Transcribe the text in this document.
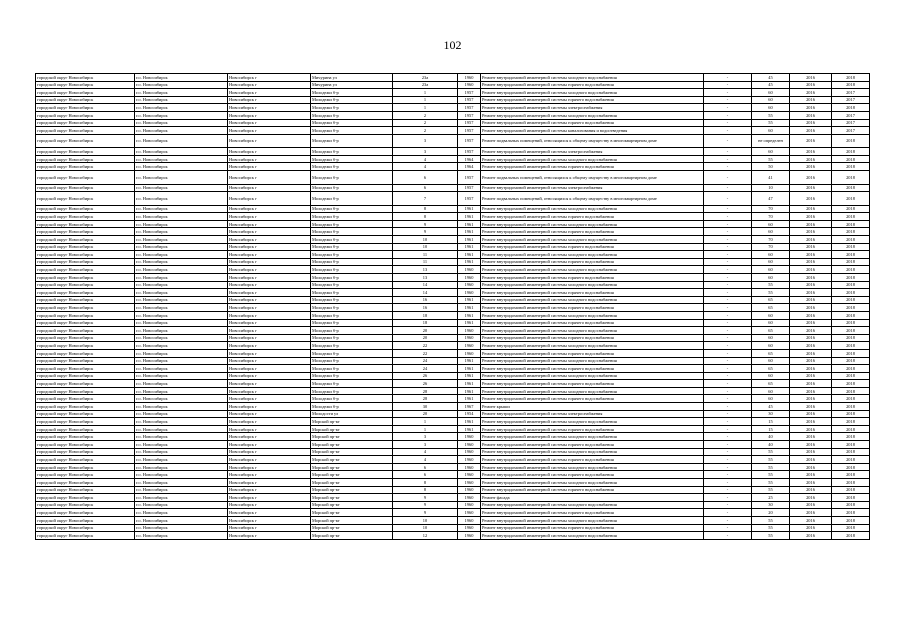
102
городской округ Новосибирск	г.о. Новосибирск	Новосибирск г	Мичурина ул	23а	1960	Ремонт внутридомовой инженерной системы холодного водоснабжения	-	45	2016	2018
городской округ Новосибирск	г.о. Новосибирск	Новосибирск г	Мичурина ул	23а	1960	Ремонт внутридомовой инженерной системы горячего водоснабжения	-	45	2016	2018
городской округ Новосибирск	г.о. Новосибирск	Новосибирск г	Молодежи б-р	1	1957	Ремонт внутридомовой инженерной системы холодного водоснабжения	-	60	2016	2017
городской округ Новосибирск	г.о. Новосибирск	Новосибирск г	Молодежи б-р	1	1957	Ремонт внутридомовой инженерной системы горячего водоснабжения	-	60	2016	2017
городской округ Новосибирск	г.о. Новосибирск	Новосибирск г	Молодежи б-р	1	1957	Ремонт внутридомовой инженерной системы электроснабжения	-	60	2016	2018
городской округ Новосибирск	г.о. Новосибирск	Новосибирск г	Молодежи б-р	2	1957	Ремонт внутридомовой инженерной системы холодного водоснабжения	-	55	2016	2017
городской округ Новосибирск	г.о. Новосибирск	Новосибирск г	Молодежи б-р	2	1957	Ремонт внутридомовой инженерной системы горячего водоснабжения	-	55	2016	2017
городской округ Новосибирск	г.о. Новосибирск	Новосибирск г	Молодежи б-р	2	1957	Ремонт внутридомовой инженерной системы канализования и водоотведения	-	60	2016	2017
городской округ Новосибирск	г.о. Новосибирск	Новосибирск г	Молодежи б-р	3	1957	Ремонт подвальных помещений, относящихся к общему имуществу в многоквартирном доме	-	не определен	2016	2018
городской округ Новосибирск	г.о. Новосибирск	Новосибирск г	Молодежи б-р	3	1957	Ремонт внутридомовой инженерной системы электроснабжения	-	60	2016	2018
городской округ Новосибирск	г.о. Новосибирск	Новосибирск г	Молодежи б-р	4	1964	Ремонт внутридомовой инженерной системы холодного водоснабжения	-	55	2016	2018
городской округ Новосибирск	г.о. Новосибирск	Новосибирск г	Молодежи б-р	4	1964	Ремонт внутридомовой инженерной системы горячего водоснабжения	-	50	2016	2018
городской округ Новосибирск	г.о. Новосибирск	Новосибирск г	Молодежи б-р	6	1957	Ремонт подвальных помещений, относящихся к общему имуществу в многоквартирном доме	-	41	2016	2018
городской округ Новосибирск	г.о. Новосибирск	Новосибирск г	Молодежи б-р	6	1957	Ремонт внутридомовой инженерной системы электроснабжения	-	10	2016	2018
городской округ Новосибирск	г.о. Новосибирск	Новосибирск г	Молодежи б-р	7	1957	Ремонт подвальных помещений, относящихся к общему имуществу в многоквартирном доме	-	47	2016	2018
городской округ Новосибирск	г.о. Новосибирск	Новосибирск г	Молодежи б-р	8	1961	Ремонт внутридомовой инженерной системы холодного водоснабжения	-	70	2016	2018
городской округ Новосибирск	г.о. Новосибирск	Новосибирск г	Молодежи б-р	8	1961	Ремонт внутридомовой инженерной системы горячего водоснабжения	-	70	2016	2018
городской округ Новосибирск	г.о. Новосибирск	Новосибирск г	Молодежи б-р	9	1961	Ремонт внутридомовой инженерной системы холодного водоснабжения	-	60	2016	2018
городской округ Новосибирск	г.о. Новосибирск	Новосибирск г	Молодежи б-р	9	1961	Ремонт внутридомовой инженерной системы горячего водоснабжения	-	60	2016	2018
городской округ Новосибирск	г.о. Новосибирск	Новосибирск г	Молодежи б-р	10	1961	Ремонт внутридомовой инженерной системы холодного водоснабжения	-	70	2016	2018
городской округ Новосибирск	г.о. Новосибирск	Новосибирск г	Молодежи б-р	10	1961	Ремонт внутридомовой инженерной системы горячего водоснабжения	-	70	2016	2018
городской округ Новосибирск	г.о. Новосибирск	Новосибирск г	Молодежи б-р	11	1961	Ремонт внутридомовой инженерной системы холодного водоснабжения	-	60	2016	2018
городской округ Новосибирск	г.о. Новосибирск	Новосибирск г	Молодежи б-р	11	1961	Ремонт внутридомовой инженерной системы горячего водоснабжения	-	60	2016	2018
городской округ Новосибирск	г.о. Новосибирск	Новосибирск г	Молодежи б-р	13	1960	Ремонт внутридомовой инженерной системы холодного водоснабжения	-	60	2016	2018
городской округ Новосибирск	г.о. Новосибирск	Новосибирск г	Молодежи б-р	13	1960	Ремонт внутридомовой инженерной системы горячего водоснабжения	-	60	2016	2018
городской округ Новосибирск	г.о. Новосибирск	Новосибирск г	Молодежи б-р	14	1960	Ремонт внутридомовой инженерной системы холодного водоснабжения	-	55	2016	2018
городской округ Новосибирск	г.о. Новосибирск	Новосибирск г	Молодежи б-р	14	1960	Ремонт внутридомовой инженерной системы горячего водоснабжения	-	55	2016	2018
городской округ Новосибирск	г.о. Новосибирск	Новосибирск г	Молодежи б-р	16	1961	Ремонт внутридомовой инженерной системы холодного водоснабжения	-	65	2016	2018
городской округ Новосибирск	г.о. Новосибирск	Новосибирск г	Молодежи б-р	16	1961	Ремонт внутридомовой инженерной системы горячего водоснабжения	-	65	2016	2018
городской округ Новосибирск	г.о. Новосибирск	Новосибирск г	Молодежи б-р	18	1961	Ремонт внутридомовой инженерной системы холодного водоснабжения	-	60	2016	2018
городской округ Новосибирск	г.о. Новосибирск	Новосибирск г	Молодежи б-р	18	1961	Ремонт внутридомовой инженерной системы горячего водоснабжения	-	60	2016	2018
городской округ Новосибирск	г.о. Новосибирск	Новосибирск г	Молодежи б-р	20	1960	Ремонт внутридомовой инженерной системы холодного водоснабжения	-	65	2016	2018
городской округ Новосибирск	г.о. Новосибирск	Новосибирск г	Молодежи б-р	20	1960	Ремонт внутридомовой инженерной системы горячего водоснабжения	-	60	2016	2018
городской округ Новосибирск	г.о. Новосибирск	Новосибирск г	Молодежи б-р	22	1960	Ремонт внутридомовой инженерной системы холодного водоснабжения	-	60	2016	2018
городской округ Новосибирск	г.о. Новосибирск	Новосибирск г	Молодежи б-р	22	1960	Ремонт внутридомовой инженерной системы горячего водоснабжения	-	65	2016	2018
городской округ Новосибирск	г.о. Новосибирск	Новосибирск г	Молодежи б-р	24	1961	Ремонт внутридомовой инженерной системы холодного водоснабжения	-	60	2016	2018
городской округ Новосибирск	г.о. Новосибирск	Новосибирск г	Молодежи б-р	24	1961	Ремонт внутридомовой инженерной системы горячего водоснабжения	-	65	2016	2018
городской округ Новосибирск	г.о. Новосибирск	Новосибирск г	Молодежи б-р	26	1961	Ремонт внутридомовой инженерной системы холодного водоснабжения	-	60	2016	2018
городской округ Новосибирск	г.о. Новосибирск	Новосибирск г	Молодежи б-р	26	1961	Ремонт внутридомовой инженерной системы горячего водоснабжения	-	65	2016	2018
городской округ Новосибирск	г.о. Новосибирск	Новосибирск г	Молодежи б-р	28	1961	Ремонт внутридомовой инженерной системы холодного водоснабжения	-	60	2016	2018
городской округ Новосибирск	г.о. Новосибирск	Новосибирск г	Молодежи б-р	28	1961	Ремонт внутридомовой инженерной системы горячего водоснабжения	-	60	2016	2018
городской округ Новосибирск	г.о. Новосибирск	Новосибирск г	Молодежи б-р	30	1967	Ремонт крыши	-	45	2016	2018
городской округ Новосибирск	г.о. Новосибирск	Новосибирск г	Молодости ул	20	1954	Ремонт внутридомовой инженерной системы электроснабжения	-	30	2016	2018
городской округ Новосибирск	г.о. Новосибирск	Новосибирск г	Морской пр-кт	1	1961	Ремонт внутридомовой инженерной системы холодного водоснабжения	-	15	2016	2018
городской округ Новосибирск	г.о. Новосибирск	Новосибирск г	Морской пр-кт	1	1961	Ремонт внутридомовой инженерной системы горячего водоснабжения	-	15	2016	2018
городской округ Новосибирск	г.о. Новосибирск	Новосибирск г	Морской пр-кт	3	1960	Ремонт внутридомовой инженерной системы холодного водоснабжения	-	40	2016	2018
городской округ Новосибирск	г.о. Новосибирск	Новосибирск г	Морской пр-кт	3	1960	Ремонт внутридомовой инженерной системы горячего водоснабжения	-	40	2016	2018
городской округ Новосибирск	г.о. Новосибирск	Новосибирск г	Морской пр-кт	4	1960	Ремонт внутридомовой инженерной системы холодного водоснабжения	-	55	2016	2018
городской округ Новосибирск	г.о. Новосибирск	Новосибирск г	Морской пр-кт	4	1960	Ремонт внутридомовой инженерной системы горячего водоснабжения	-	55	2016	2018
городской округ Новосибирск	г.о. Новосибирск	Новосибирск г	Морской пр-кт	6	1960	Ремонт внутридомовой инженерной системы холодного водоснабжения	-	55	2016	2018
городской округ Новосибирск	г.о. Новосибирск	Новосибирск г	Морской пр-кт	6	1960	Ремонт внутридомовой инженерной системы горячего водоснабжения	-	55	2016	2018
городской округ Новосибирск	г.о. Новосибирск	Новосибирск г	Морской пр-кт	8	1960	Ремонт внутридомовой инженерной системы холодного водоснабжения	-	55	2016	2018
городской округ Новосибирск	г.о. Новосибирск	Новосибирск г	Морской пр-кт	8	1960	Ремонт внутридомовой инженерной системы горячего водоснабжения	-	55	2016	2018
городской округ Новосибирск	г.о. Новосибирск	Новосибирск г	Морской пр-кт	9	1960	Ремонт фасада	-	25	2016	2018
городской округ Новосибирск	г.о. Новосибирск	Новосибирск г	Морской пр-кт	9	1960	Ремонт внутридомовой инженерной системы холодного водоснабжения	-	30	2016	2018
городской округ Новосибирск	г.о. Новосибирск	Новосибирск г	Морской пр-кт	9	1960	Ремонт внутридомовой инженерной системы горячего водоснабжения	-	20	2016	2018
городской округ Новосибирск	г.о. Новосибирск	Новосибирск г	Морской пр-кт	10	1960	Ремонт внутридомовой инженерной системы холодного водоснабжения	-	55	2016	2018
городской округ Новосибирск	г.о. Новосибирск	Новосибирск г	Морской пр-кт	10	1960	Ремонт внутридомовой инженерной системы горячего водоснабжения	-	55	2016	2018
городской округ Новосибирск	г.о. Новосибирск	Новосибирск г	Морской пр-кт	12	1960	Ремонт внутридомовой инженерной системы холодного водоснабжения	-	55	2016	2018
